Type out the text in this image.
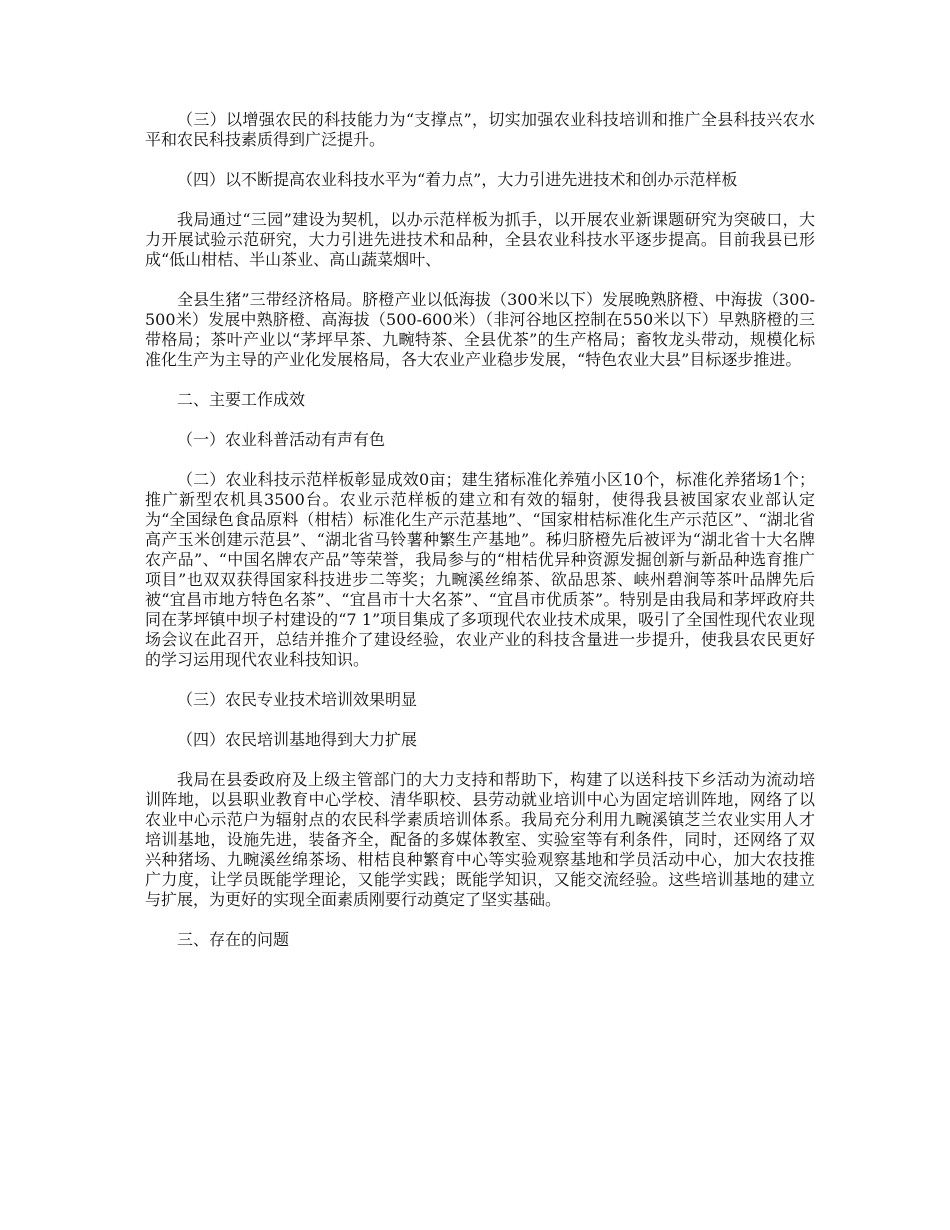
（三）以增强农民的科技能力为“支撑点”，切实加强农业科技培训和推广全县科技兴农水平和农民科技素质得到广泛提升。

（四）以不断提高农业科技水平为“着力点”，大力引进先进技术和创办示范样板

我局通过“三园”建设为契机，以办示范样板为抓手，以开展农业新课题研究为突破口，大力开展试验示范研究，大力引进先进技术和品种，全县农业科技水平逐步提高。目前我县已形成“低山柑桔、半山茶业、高山蔬菜烟叶、

全县生猪”三带经济格局。脐橙产业以低海拔（300米以下）发展晚熟脐橙、中海拔（300-500米）发展中熟脐橙、高海拔（500-600米）（非河谷地区控制在550米以下）早熟脐橙的三带格局；茶叶产业以“茅坪早茶、九畹特茶、全县优茶”的生产格局；畜牧龙头带动，规模化标准化生产为主导的产业化发展格局，各大农业产业稳步发展，“特色农业大县”目标逐步推进。

二、主要工作成效

（一）农业科普活动有声有色

（二）农业科技示范样板彰显成效0亩；建生猪标准化养殖小区10个，标准化养猪场1个；推广新型农机具3500台。农业示范样板的建立和有效的辐射，使得我县被国家农业部认定为“全国绿色食品原料（柑桔）标准化生产示范基地”、“国家柑桔标准化生产示范区”、“湖北省高产玉米创建示范县”、“湖北省马铃薯种繁生产基地”。秭归脐橙先后被评为“湖北省十大名牌农产品”、“中国名牌农产品”等荣誉，我局参与的“柑桔优异种资源发掘创新与新品种选育推广项目”也双双获得国家科技进步二等奖；九畹溪丝绵茶、欲品思茶、峡州碧涧等茶叶品牌先后被“宜昌市地方特色名茶”、“宜昌市十大名茶”、“宜昌市优质茶”。特别是由我局和茅坪政府共同在茅坪镇中坝子村建设的“7 1”项目集成了多项现代农业技术成果，吸引了全国性现代农业现场会议在此召开，总结并推介了建设经验，农业产业的科技含量进一步提升，使我县农民更好的学习运用现代农业科技知识。

（三）农民专业技术培训效果明显

（四）农民培训基地得到大力扩展

我局在县委政府及上级主管部门的大力支持和帮助下，构建了以送科技下乡活动为流动培训阵地，以县职业教育中心学校、清华职校、县劳动就业培训中心为固定培训阵地，网络了以农业中心示范户为辐射点的农民科学素质培训体系。我局充分利用九畹溪镇芝兰农业实用人才培训基地，设施先进，装备齐全，配备的多媒体教室、实验室等有利条件，同时，还网络了双兴种猪场、九畹溪丝绵茶场、柑桔良种繁育中心等实验观察基地和学员活动中心，加大农技推广力度，让学员既能学理论，又能学实践；既能学知识，又能交流经验。这些培训基地的建立与扩展，为更好的实现全面素质刚要行动奠定了坚实基础。

三、存在的问题
